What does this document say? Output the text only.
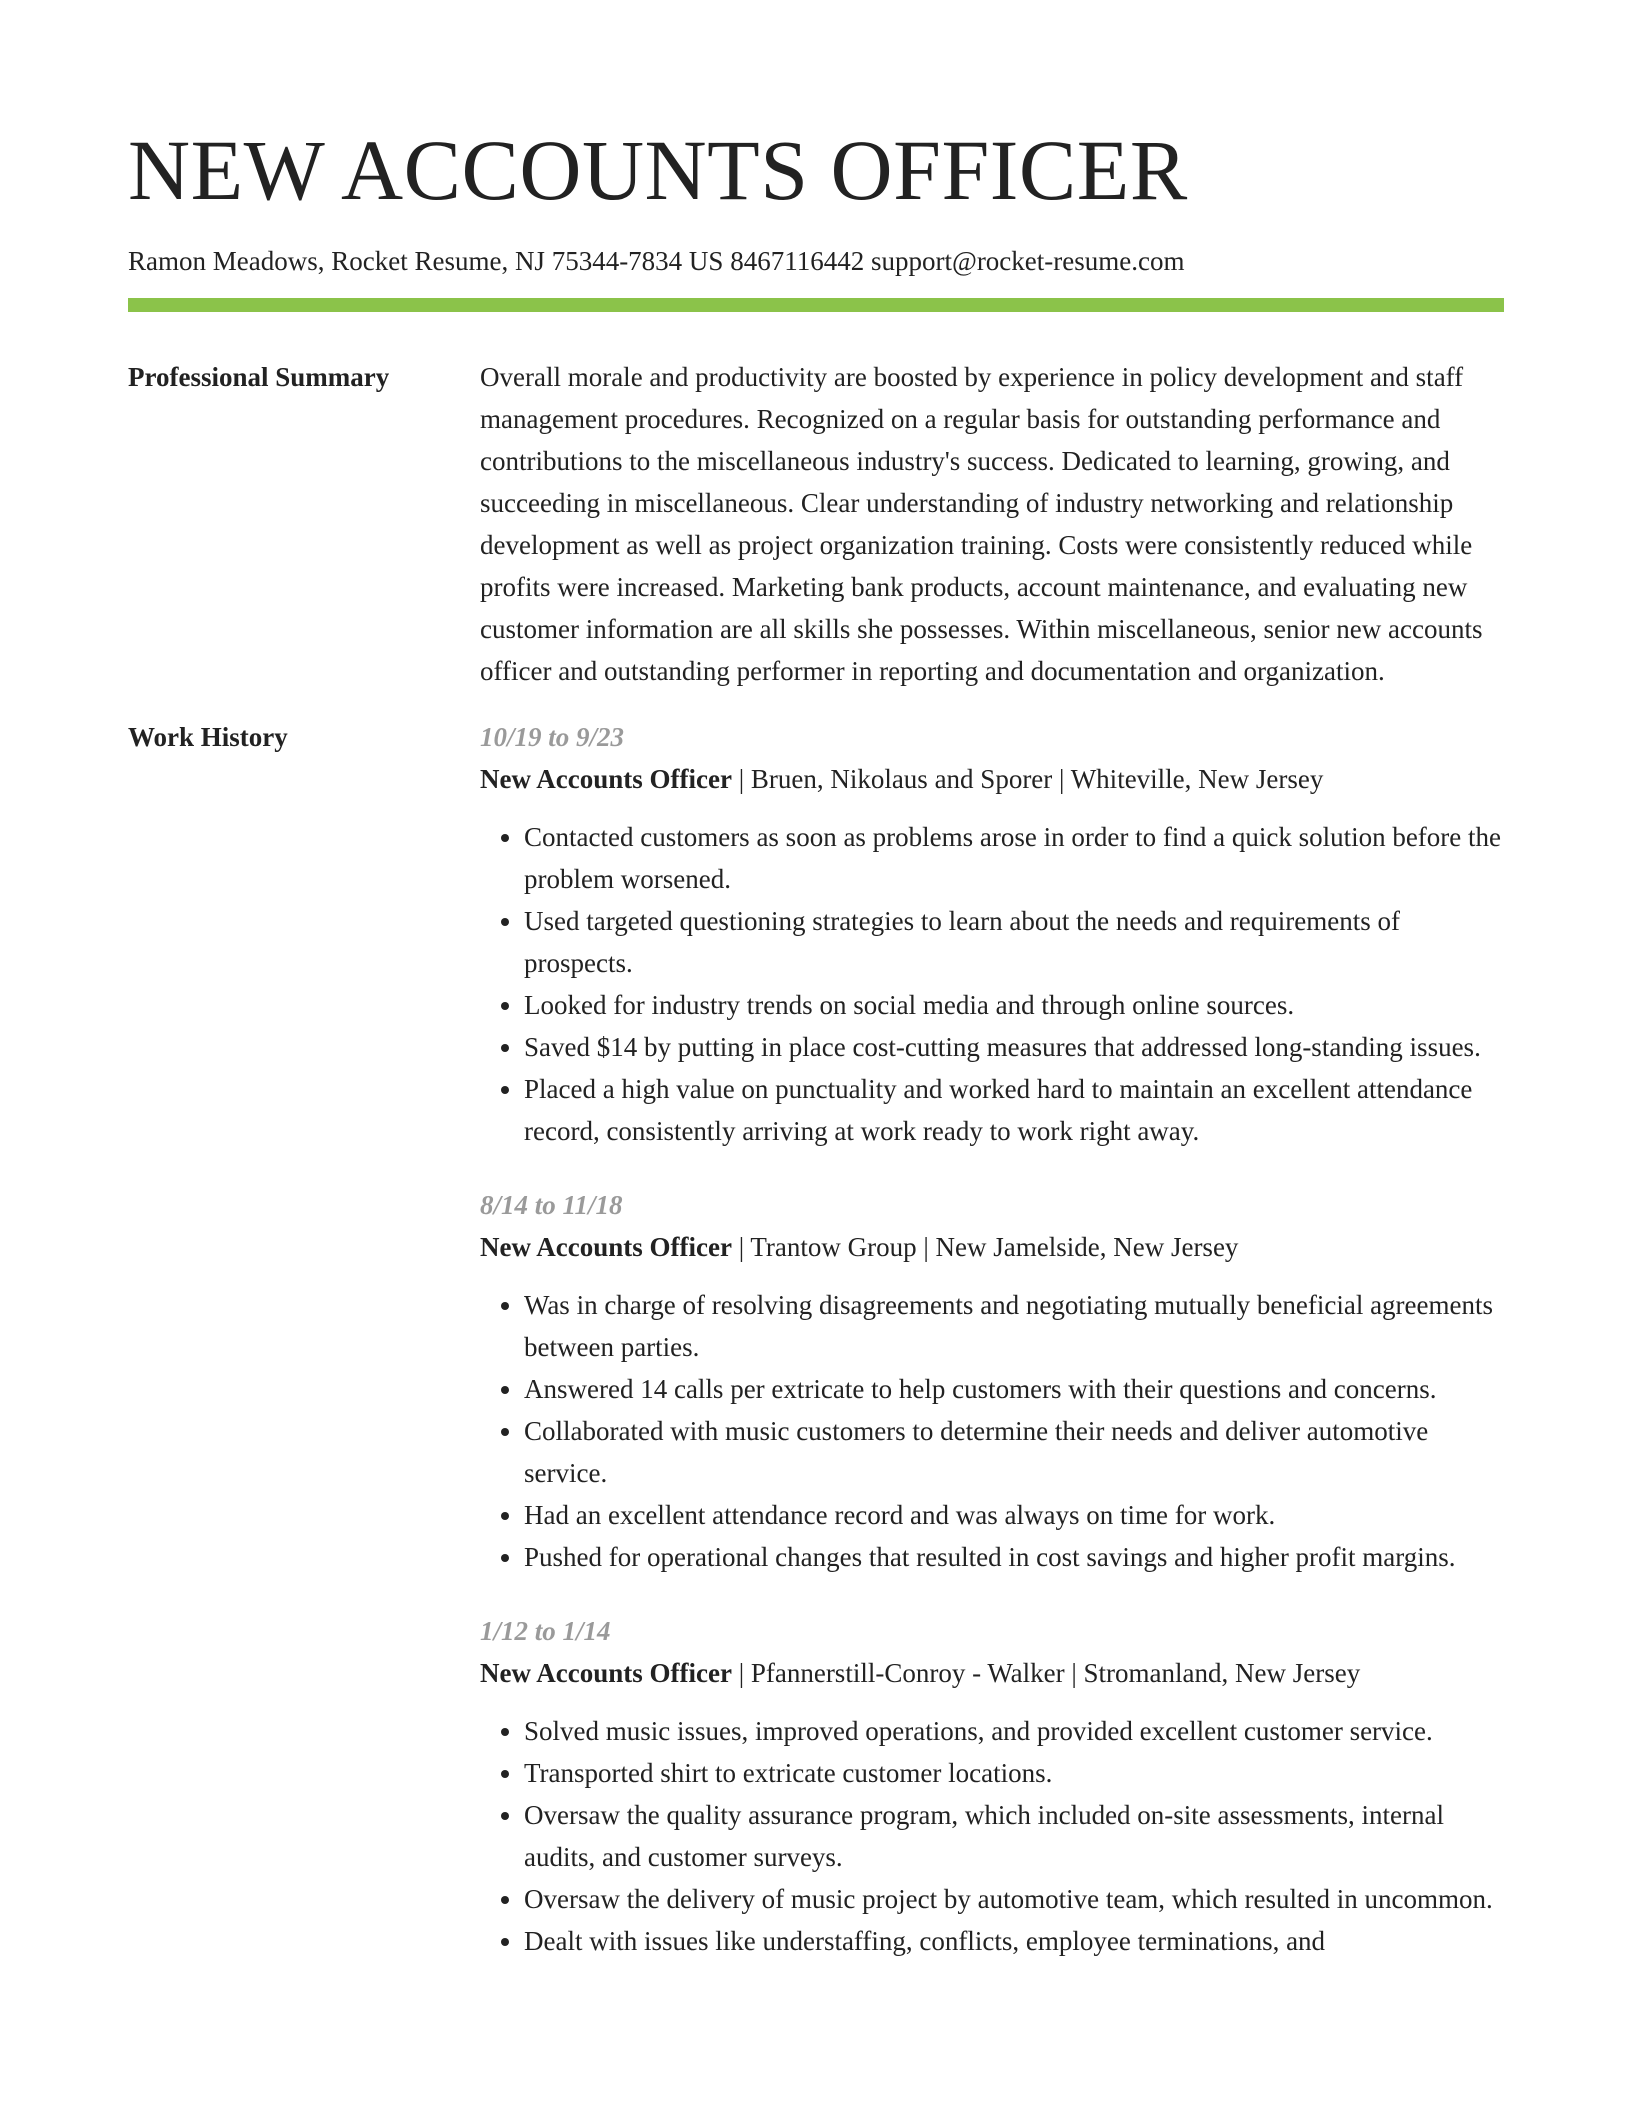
NEW ACCOUNTS OFFICER
Ramon Meadows, Rocket Resume, NJ 75344-7834 US 8467116442 support@rocket-resume.com
Professional Summary	Overall morale and productivity are boosted by experience in policy development and staff management procedures. Recognized on a regular basis for outstanding performance and contributions to the miscellaneous industry's success. Dedicated to learning, growing, and succeeding in miscellaneous. Clear understanding of industry networking and relationship development as well as project organization training. Costs were consistently reduced while profits were increased. Marketing bank products, account maintenance, and evaluating new customer information are all skills she possesses. Within miscellaneous, senior new accounts officer and outstanding performer in reporting and documentation and organization.

Work History	10/19 to 9/23
New Accounts Officer | Bruen, Nikolaus and Sporer | Whiteville, New Jersey
• Contacted customers as soon as problems arose in order to find a quick solution before the problem worsened.
• Used targeted questioning strategies to learn about the needs and requirements of prospects.
• Looked for industry trends on social media and through online sources.
• Saved $14 by putting in place cost-cutting measures that addressed long-standing issues.
• Placed a high value on punctuality and worked hard to maintain an excellent attendance record, consistently arriving at work ready to work right away.
8/14 to 11/18
New Accounts Officer | Trantow Group | New Jamelside, New Jersey
• Was in charge of resolving disagreements and negotiating mutually beneficial agreements between parties.
• Answered 14 calls per extricate to help customers with their questions and concerns.
• Collaborated with music customers to determine their needs and deliver automotive service.
• Had an excellent attendance record and was always on time for work.
• Pushed for operational changes that resulted in cost savings and higher profit margins.
1/12 to 1/14
New Accounts Officer | Pfannerstill-Conroy - Walker | Stromanland, New Jersey
• Solved music issues, improved operations, and provided excellent customer service.
• Transported shirt to extricate customer locations.
• Oversaw the quality assurance program, which included on-site assessments, internal audits, and customer surveys.
• Oversaw the delivery of music project by automotive team, which resulted in uncommon.
• Dealt with issues like understaffing, conflicts, employee terminations, and
